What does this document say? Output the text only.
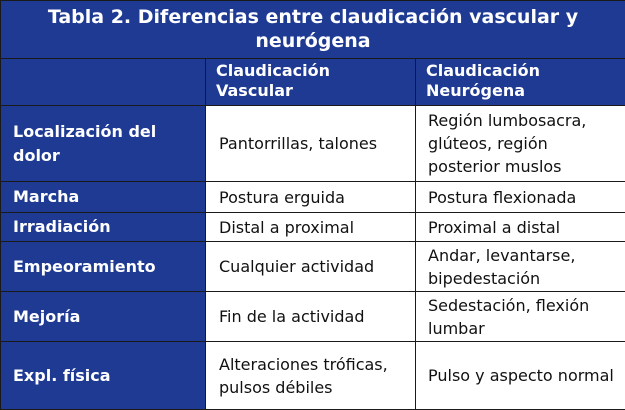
Tabla 2. Diferencias entre claudicación vascular y neurógena		
	Claudicación Vascular	Claudicación Neurógena
Localización del dolor	Pantorrillas, talones	Región lumbosacra, glúteos, región posterior muslos
Marcha	Postura erguida	Postura flexionada
Irradiación	Distal a proximal	Proximal a distal
Empeoramiento	Cualquier actividad	Andar, levantarse, bipedestación
Mejoría	Fin de la actividad	Sedestación, flexión lumbar
Expl. física	Alteraciones tróficas, pulsos débiles	Pulso y aspecto normal
